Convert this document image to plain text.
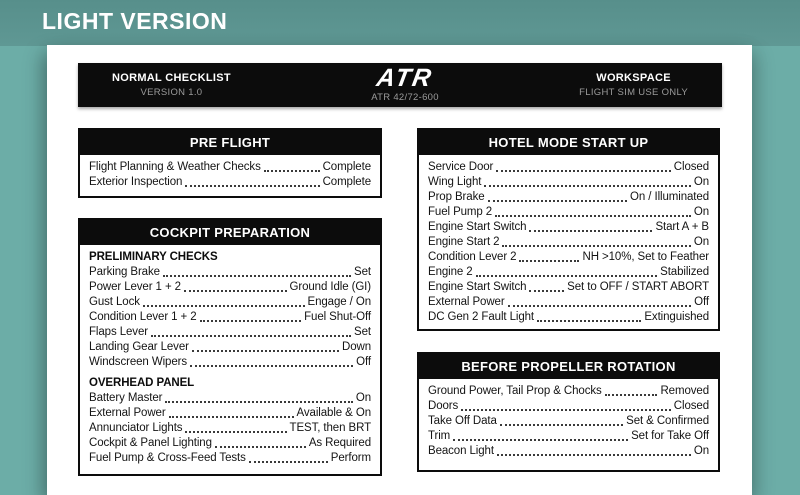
LIGHT VERSION
NORMAL CHECKLIST
VERSION 1.0
ATR
ATR 42/72-600
WORKSPACE
FLIGHT SIM USE ONLY
PRE FLIGHT
Flight Planning & Weather Checks	Complete
Exterior Inspection	Complete
COCKPIT PREPARATION
PRELIMINARY CHECKS
Parking Brake	Set
Power Lever 1 + 2	Ground Idle (GI)
Gust Lock	Engage / On
Condition Lever 1 + 2	Fuel Shut-Off
Flaps Lever	Set
Landing Gear Lever	Down
Windscreen Wipers	Off
OVERHEAD PANEL
Battery Master	On
External Power	Available & On
Annunciator Lights	TEST, then BRT
Cockpit & Panel Lighting	As Required
Fuel Pump & Cross-Feed Tests	Perform
HOTEL MODE START UP
Service Door	Closed
Wing Light	On
Prop Brake	On / Illuminated
Fuel Pump 2	On
Engine Start Switch	Start A + B
Engine Start 2	On
Condition Lever 2	NH >10%, Set to Feather
Engine 2	Stabilized
Engine Start Switch	Set to OFF / START ABORT
External Power	Off
DC Gen 2 Fault Light	Extinguished
BEFORE PROPELLER ROTATION
Ground Power, Tail Prop & Chocks	Removed
Doors	Closed
Take Off Data	Set & Confirmed
Trim	Set for Take Off
Beacon Light	On
